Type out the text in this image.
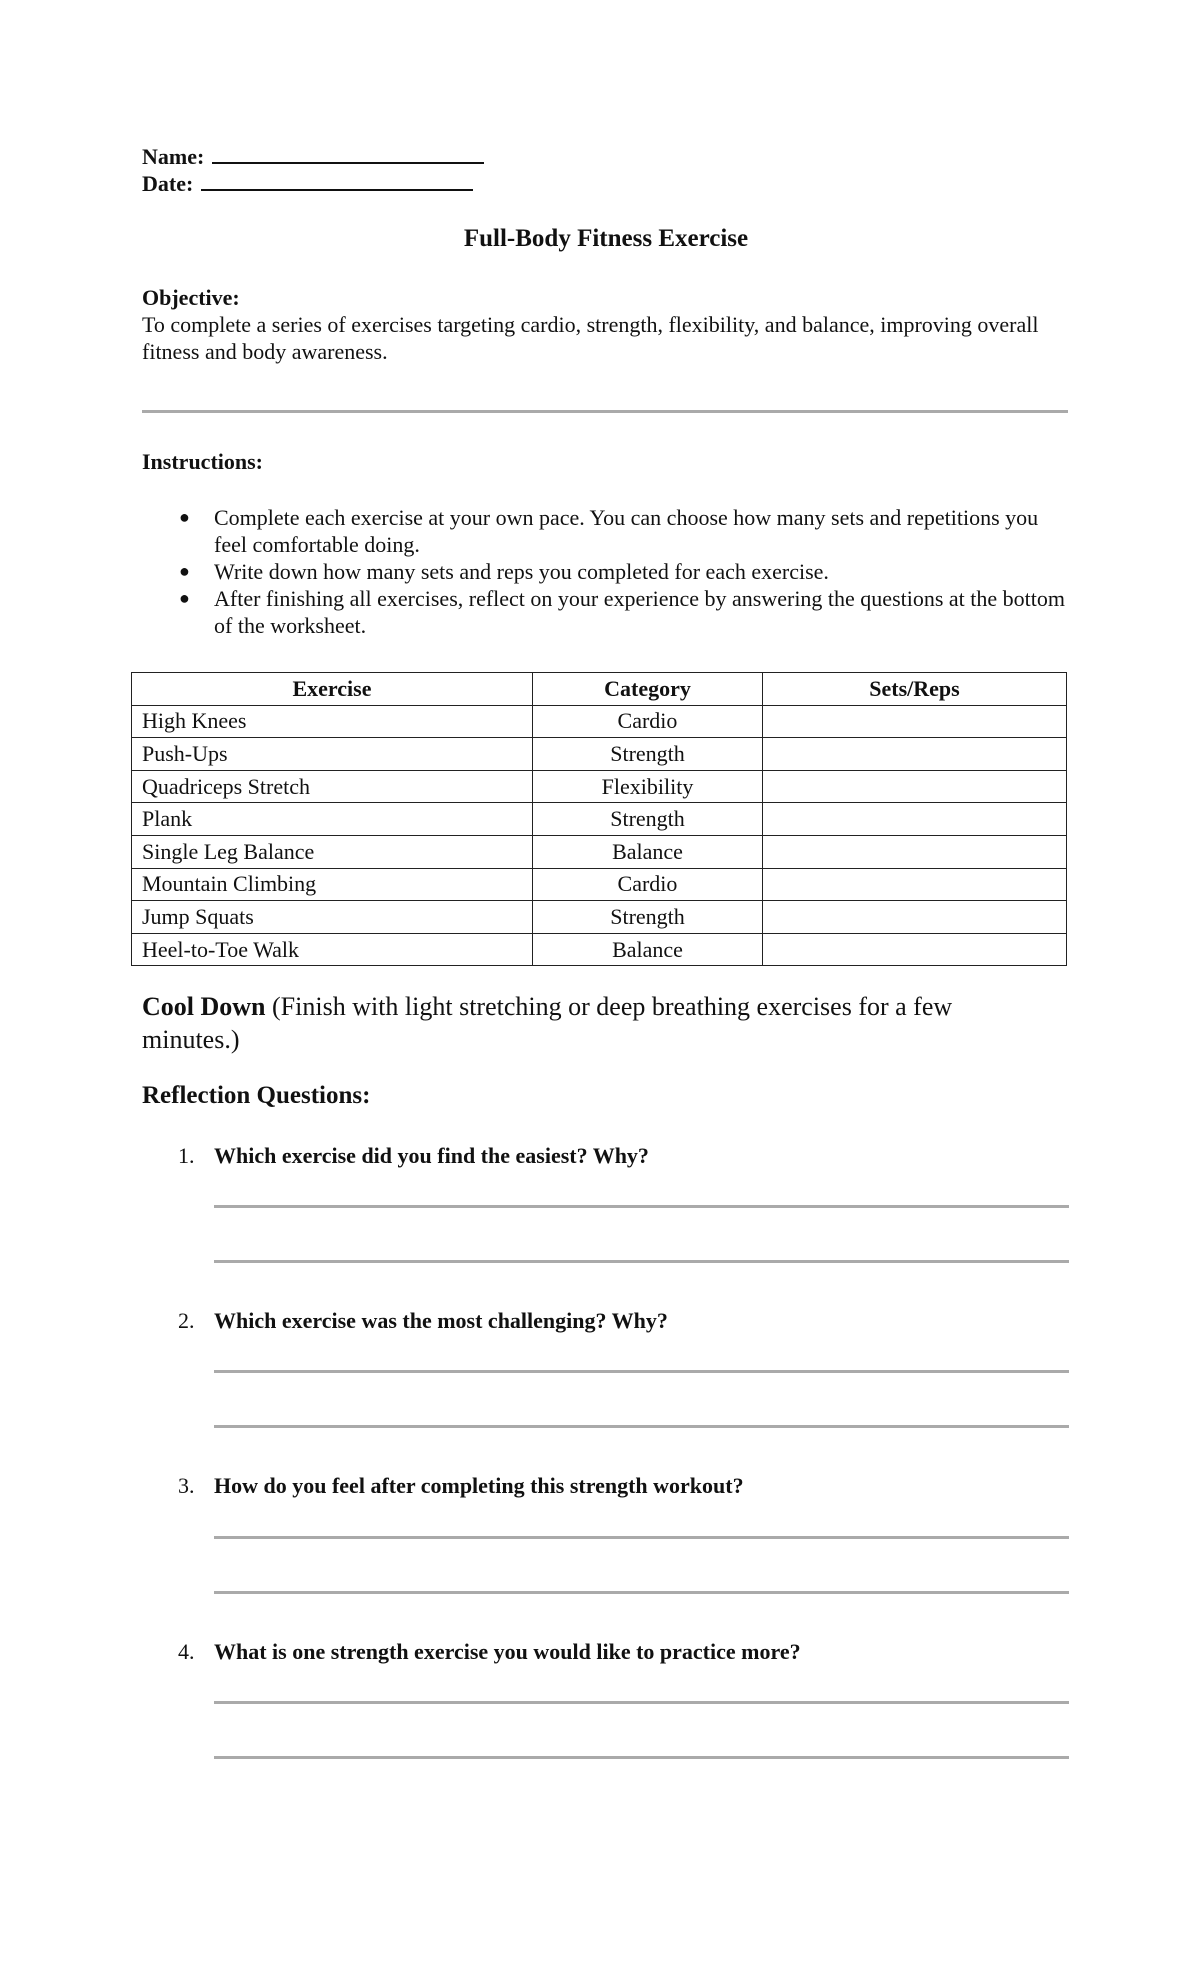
Name:
Date:
Full-Body Fitness Exercise
Objective:
To complete a series of exercises targeting cardio, strength, flexibility, and balance, improving overall fitness and body awareness.
Instructions:
● Complete each exercise at your own pace. You can choose how many sets and repetitions you feel comfortable doing.
● Write down how many sets and reps you completed for each exercise.
● After finishing all exercises, reflect on your experience by answering the questions at the bottom of the worksheet.
Exercise	Category	Sets/Reps
High Knees	Cardio	
Push-Ups	Strength	
Quadriceps Stretch	Flexibility	
Plank	Strength	
Single Leg Balance	Balance	
Mountain Climbing	Cardio	
Jump Squats	Strength	
Heel-to-Toe Walk	Balance	
Cool Down (Finish with light stretching or deep breathing exercises for a few minutes.)
Reflection Questions:
1. Which exercise did you find the easiest? Why?
2. Which exercise was the most challenging? Why?
3. How do you feel after completing this strength workout?
4. What is one strength exercise you would like to practice more?
